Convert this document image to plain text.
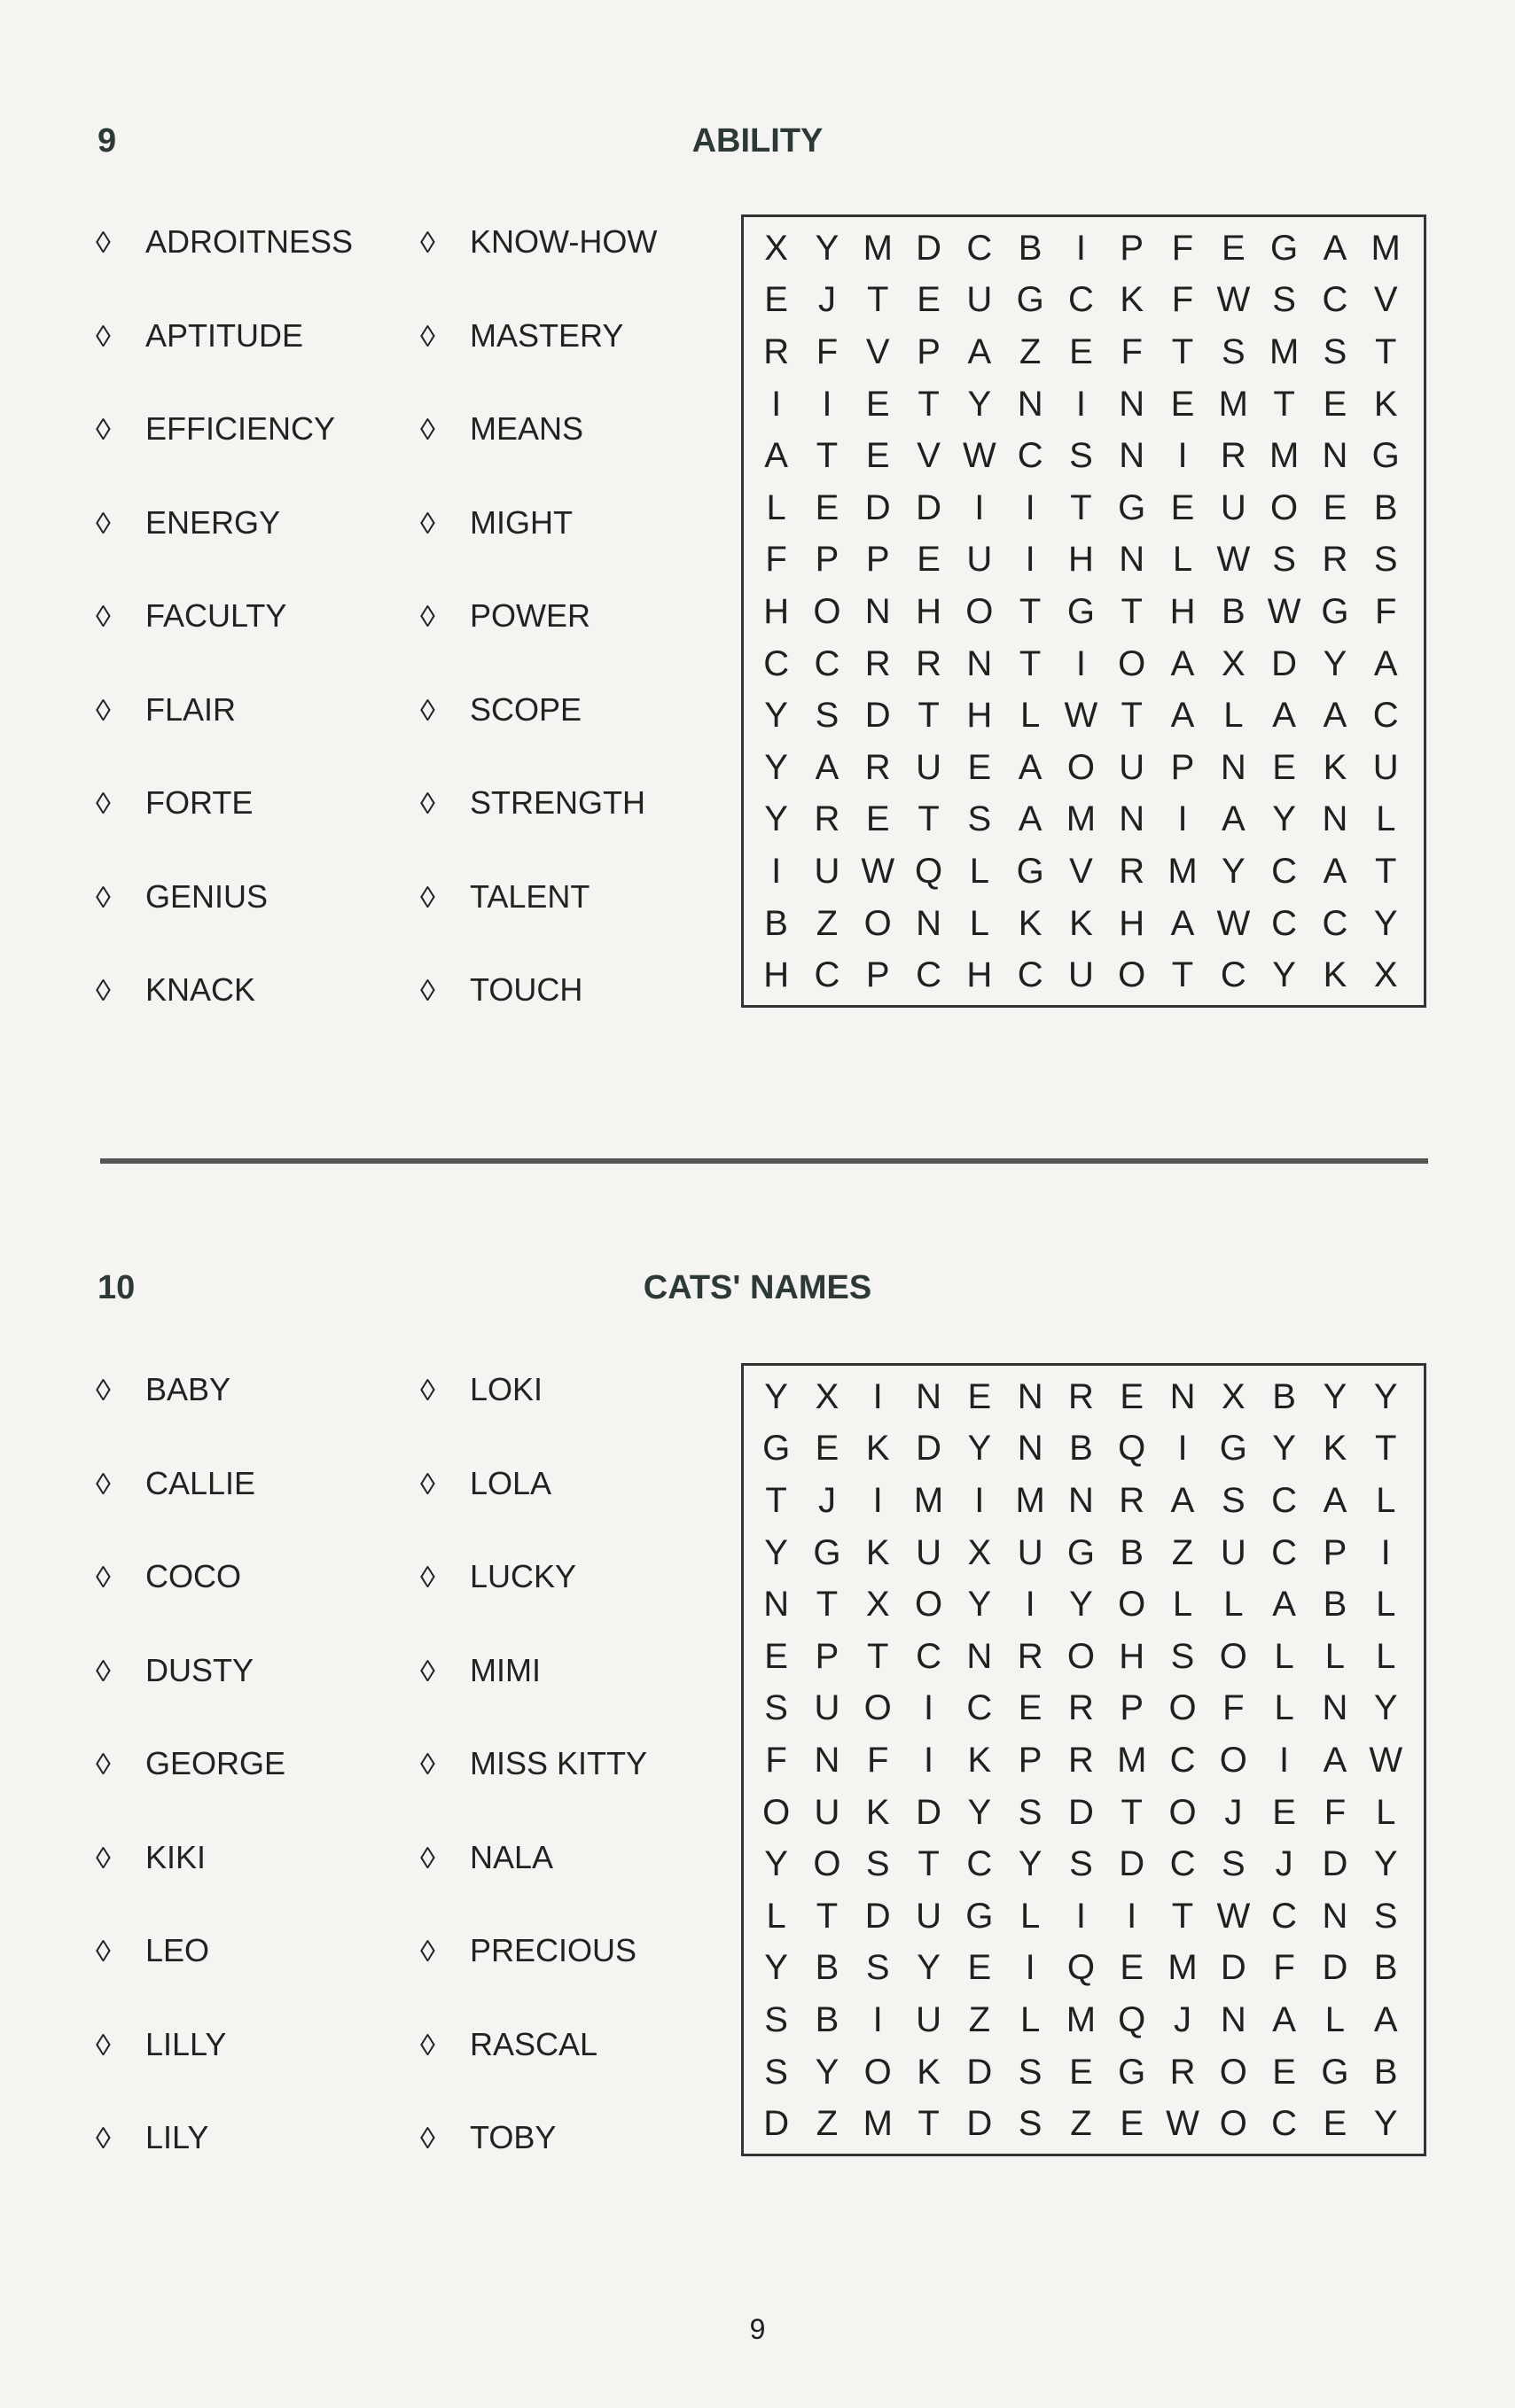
9	ABILITY
◊ ADROITNESS
◊ APTITUDE
◊ EFFICIENCY
◊ ENERGY
◊ FACULTY
◊ FLAIR
◊ FORTE
◊ GENIUS
◊ KNACK
◊ KNOW-HOW
◊ MASTERY
◊ MEANS
◊ MIGHT
◊ POWER
◊ SCOPE
◊ STRENGTH
◊ TALENT
◊ TOUCH
X Y M D C B I P F E G A M
E J T E U G C K F W S C V
R F V P A Z E F T S M S T
I	I E T Y N I N E M T E K
A T E V W C S N I R M N G
L E D D I	I T G E U O E B
F P P E U I H N L W S R S
H O N H O T G T H B W G F
C C R R N T I O A X D Y A
Y S D T H L W T A L A A C
Y A R U E A O U P N E K U
Y R E T S A M N I A Y N L
I U W Q L G V R M Y C A T
B Z O N L K K H A W C C Y
H C P C H C U O T C Y K X
10	CATS' NAMES
◊ BABY
◊ CALLIE
◊ COCO
◊ DUSTY
◊ GEORGE
◊ KIKI
◊ LEO
◊ LILLY
◊ LILY
◊ LOKI
◊ LOLA
◊ LUCKY
◊ MIMI
◊ MISS KITTY
◊ NALA
◊ PRECIOUS
◊ RASCAL
◊ TOBY
Y X I N E N R E N X B Y Y
G E K D Y N B Q I G Y K T
T J	I M I M N R A S C A L
Y G K U X U G B Z U C P I
N T X O Y I Y O L L A B L
E P T C N R O H S O L L L
S U O I C E R P O F L N Y
F N F I K P R M C O I A W
O U K D Y S D T O J E F L
Y O S T C Y S D C S J D Y
L T D U G L	I	I T W C N S
Y B S Y E I Q E M D F D B
S B I U Z L M Q J N A L A
S Y O K D S E G R O E G B
D Z M T D S Z E W O C E Y
9
